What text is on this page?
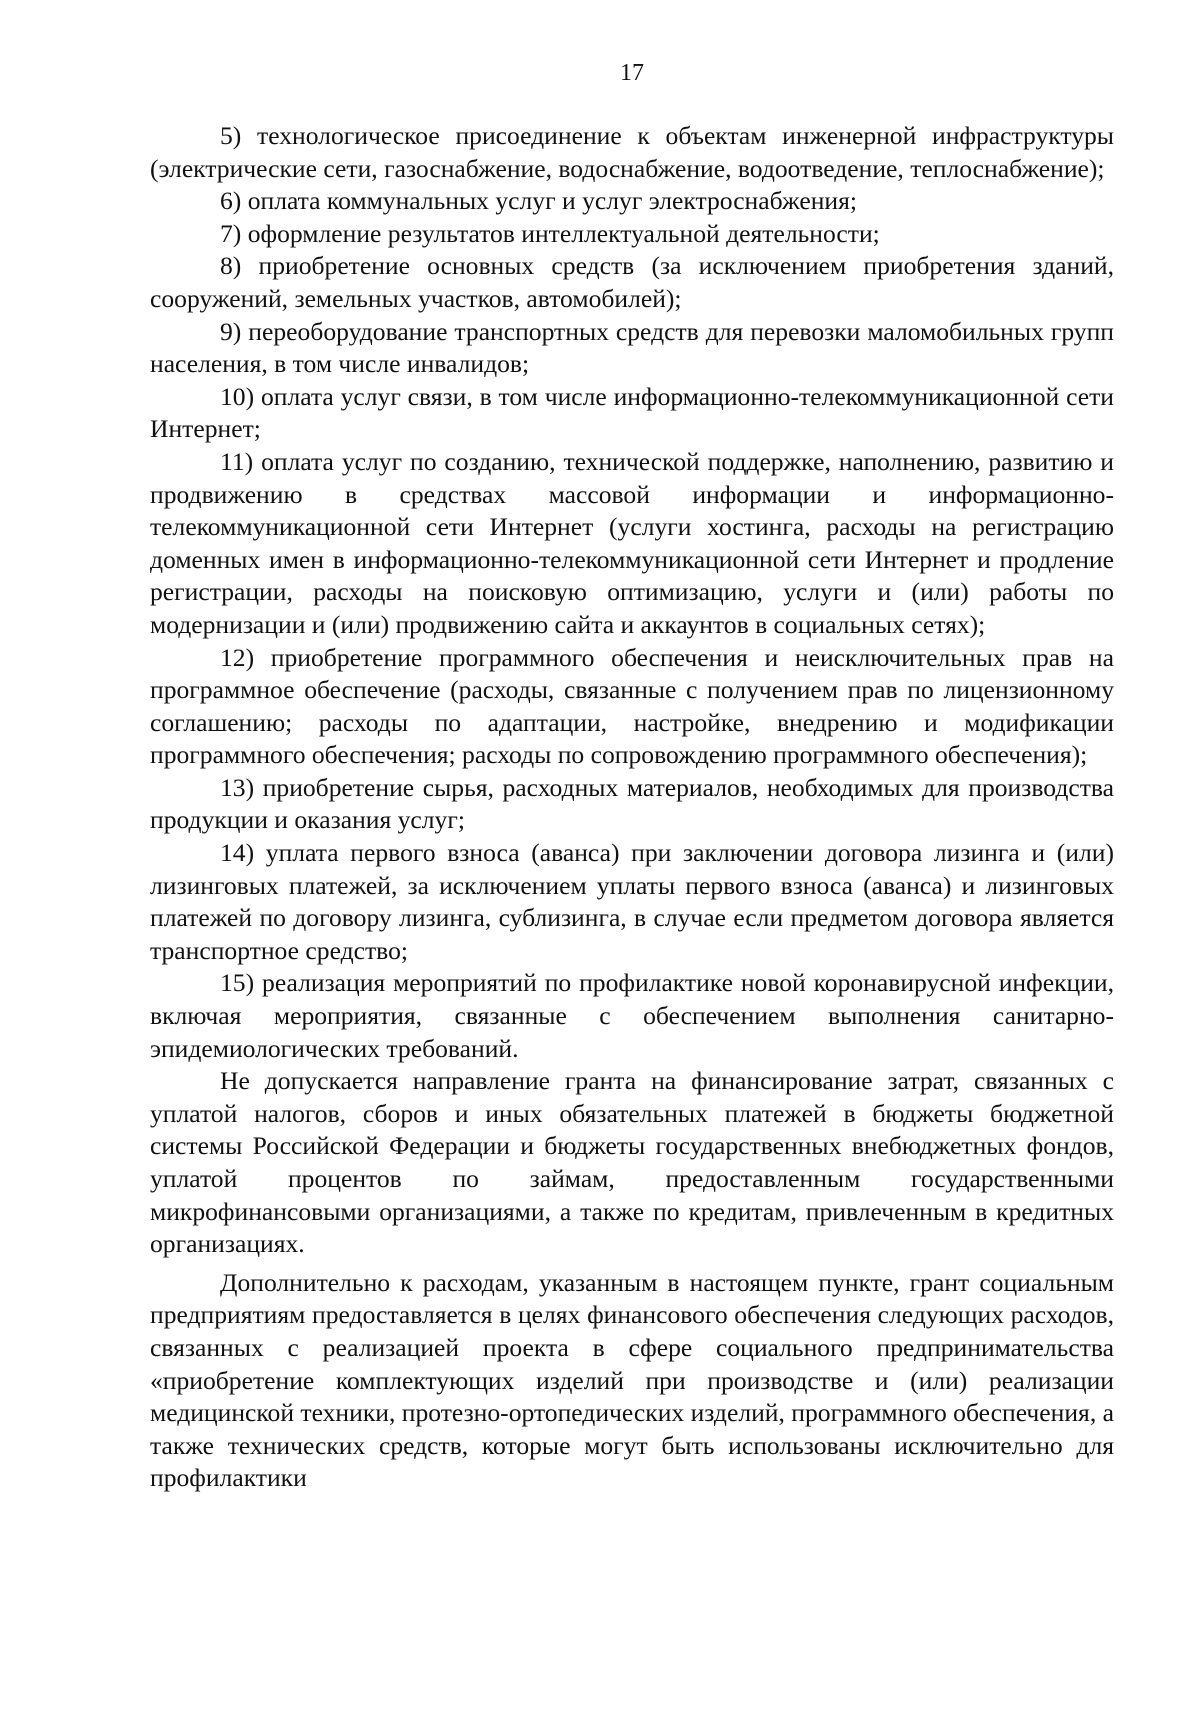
17

5) технологическое присоединение к объектам инженерной инфраструктуры (электрические сети, газоснабжение, водоснабжение, водоотведение, теплоснабжение);

6) оплата коммунальных услуг и услуг электроснабжения;

7) оформление результатов интеллектуальной деятельности;

8) приобретение основных средств (за исключением приобретения зданий, сооружений, земельных участков, автомобилей);

9) переоборудование транспортных средств для перевозки маломобильных групп населения, в том числе инвалидов;

10) оплата услуг связи, в том числе информационно-телекоммуникационной сети Интернет;

11) оплата услуг по созданию, технической поддержке, наполнению, развитию и продвижению в средствах массовой информации и информационно-телекоммуникационной сети Интернет (услуги хостинга, расходы на регистрацию доменных имен в информационно-телекоммуникационной сети Интернет и продление регистрации, расходы на поисковую оптимизацию, услуги и (или) работы по модернизации и (или) продвижению сайта и аккаунтов в социальных сетях);

12) приобретение программного обеспечения и неисключительных прав на программное обеспечение (расходы, связанные с получением прав по лицензионному соглашению; расходы по адаптации, настройке, внедрению и модификации программного обеспечения; расходы по сопровождению программного обеспечения);

13) приобретение сырья, расходных материалов, необходимых для производства продукции и оказания услуг;

14) уплата первого взноса (аванса) при заключении договора лизинга и (или) лизинговых платежей, за исключением уплаты первого взноса (аванса) и лизинговых платежей по договору лизинга, сублизинга, в случае если предметом договора является транспортное средство;

15) реализация мероприятий по профилактике новой коронавирусной инфекции, включая мероприятия, связанные с обеспечением выполнения санитарно-эпидемиологических требований.

Не допускается направление гранта на финансирование затрат, связанных с уплатой налогов, сборов и иных обязательных платежей в бюджеты бюджетной системы Российской Федерации и бюджеты государственных внебюджетных фондов, уплатой процентов по займам, предоставленным государственными микрофинансовыми организациями, а также по кредитам, привлеченным в кредитных организациях.

Дополнительно к расходам, указанным в настоящем пункте, грант социальным предприятиям предоставляется в целях финансового обеспечения следующих расходов, связанных с реализацией проекта в сфере социального предпринимательства «приобретение комплектующих изделий при производстве и (или) реализации медицинской техники, протезно-ортопедических изделий, программного обеспечения, а также технических средств, которые могут быть использованы исключительно для профилактики
